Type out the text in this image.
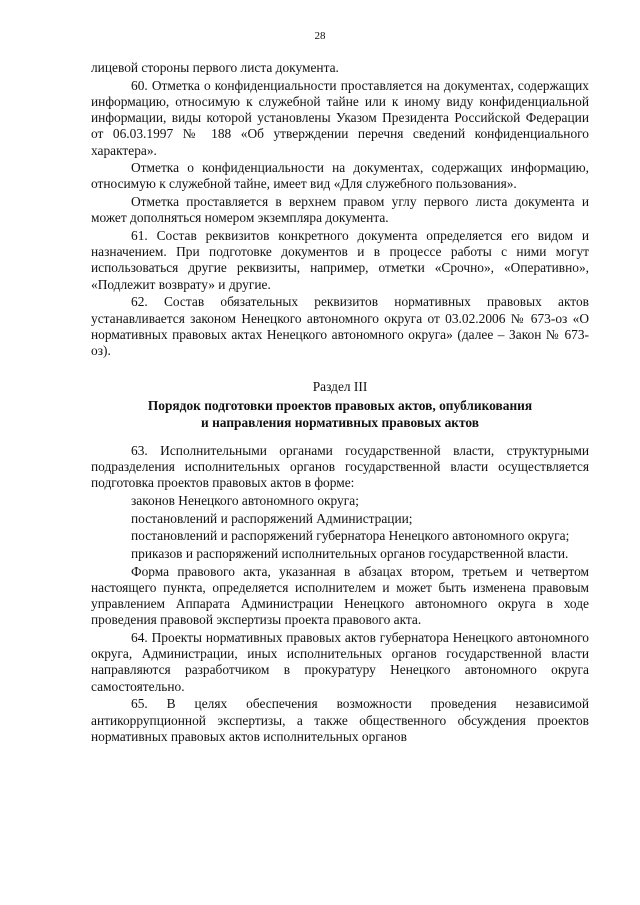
28

лицевой стороны первого листа документа.

60. Отметка о конфиденциальности проставляется на документах, содержащих информацию, относимую к служебной тайне или к иному виду конфиденциальной информации, виды которой установлены Указом Президента Российской Федерации от 06.03.1997 № 188 «Об утверждении перечня сведений конфиденциального характера».

Отметка о конфиденциальности на документах, содержащих информацию, относимую к служебной тайне, имеет вид «Для служебного пользования».

Отметка проставляется в верхнем правом углу первого листа документа и может дополняться номером экземпляра документа.

61. Состав реквизитов конкретного документа определяется его видом и назначением. При подготовке документов и в процессе работы с ними могут использоваться другие реквизиты, например, отметки «Срочно», «Оперативно», «Подлежит возврату» и другие.

62. Состав обязательных реквизитов нормативных правовых актов устанавливается законом Ненецкого автономного округа от 03.02.2006 № 673-оз «О нормативных правовых актах Ненецкого автономного округа» (далее – Закон № 673-оз).

Раздел III

Порядок подготовки проектов правовых актов, опубликования
и направления нормативных правовых актов

63. Исполнительными органами государственной власти, структурными подразделения исполнительных органов государственной власти осуществляется подготовка проектов правовых актов в форме:

законов Ненецкого автономного округа;

постановлений и распоряжений Администрации;

постановлений и распоряжений губернатора Ненецкого автономного округа;

приказов и распоряжений исполнительных органов государственной власти.

Форма правового акта, указанная в абзацах втором, третьем и четвертом настоящего пункта, определяется исполнителем и может быть изменена правовым управлением Аппарата Администрации Ненецкого автономного округа в ходе проведения правовой экспертизы проекта правового акта.

64. Проекты нормативных правовых актов губернатора Ненецкого автономного округа, Администрации, иных исполнительных органов государственной власти направляются разработчиком в прокуратуру Ненецкого автономного округа самостоятельно.

65. В целях обеспечения возможности проведения независимой антикоррупционной экспертизы, а также общественного обсуждения проектов нормативных правовых актов исполнительных органов
